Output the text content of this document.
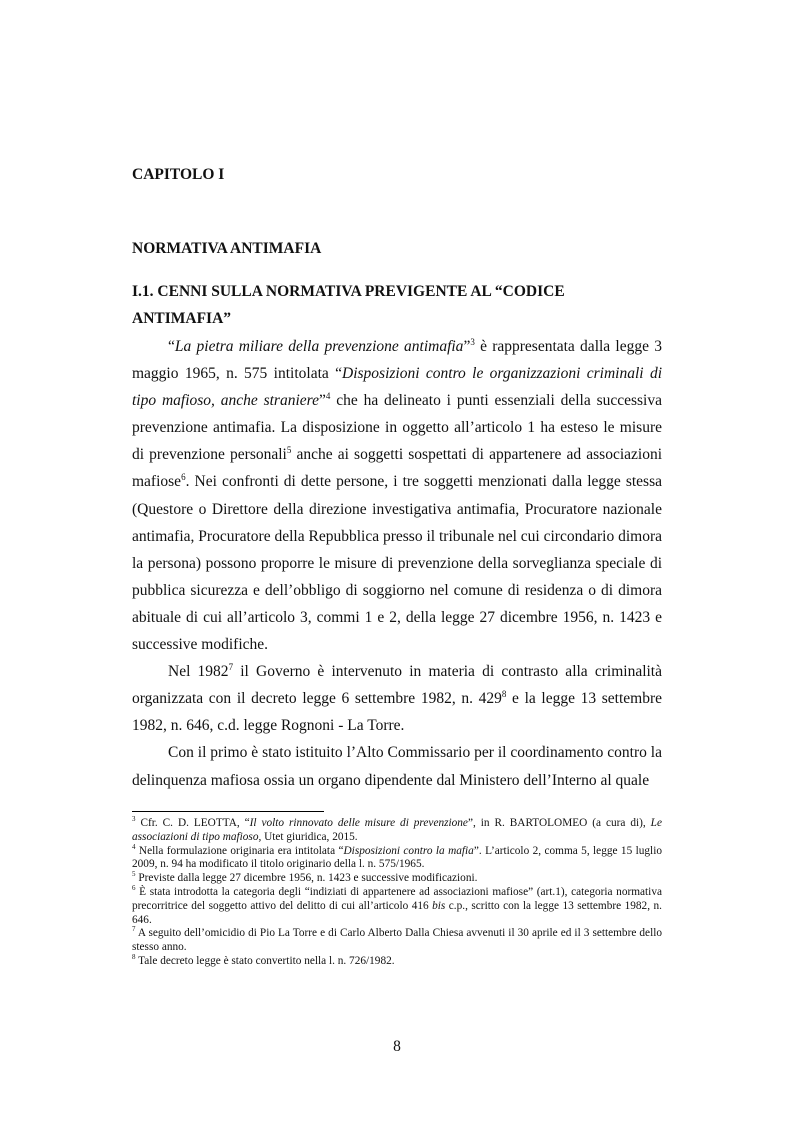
CAPITOLO I
NORMATIVA ANTIMAFIA
I.1. CENNI SULLA NORMATIVA PREVIGENTE AL “CODICE ANTIMAFIA”

“La pietra miliare della prevenzione antimafia”$^3$ è rappresentata dalla legge 3 maggio 1965, n. 575 intitolata “Disposizioni contro le organizzazioni criminali di tipo mafioso, anche straniere”$^4$ che ha delineato i punti essenziali della successiva prevenzione antimafia. La disposizione in oggetto all’articolo 1 ha esteso le misure di prevenzione personali$^5$ anche ai soggetti sospettati di appartenere ad associazioni mafiose$^6$. Nei confronti di dette persone, i tre soggetti menzionati dalla legge stessa (Questore o Direttore della direzione investigativa antimafia, Procuratore nazionale antimafia, Procuratore della Repubblica presso il tribunale nel cui circondario dimora la persona) possono proporre le misure di prevenzione della sorveglianza speciale di pubblica sicurezza e dell’obbligo di soggiorno nel comune di residenza o di dimora abituale di cui all’articolo 3, commi 1 e 2, della legge 27 dicembre 1956, n. 1423 e successive modifiche.

Nel 1982$^7$ il Governo è intervenuto in materia di contrasto alla criminalità organizzata con il decreto legge 6 settembre 1982, n. $429^8$ e la legge 13 settembre 1982, n. 646, c.d. legge Rognoni - La Torre.

Con il primo è stato istituito l’Alto Commissario per il coordinamento contro la delinquenza mafiosa ossia un organo dipendente dal Ministero dell’Interno al quale

$^3$ Cfr. C. D. LEOTTA, “Il volto rinnovato delle misure di prevenzione”, in R. BARTOLOMEO (a cura di), Le associazioni di tipo mafioso, Utet giuridica, 2015.

$^4$ Nella formulazione originaria era intitolata “Disposizioni contro la mafia”. L’articolo 2, comma 5, legge 15 luglio 2009, n. 94 ha modificato il titolo originario della l. n. 575/1965.

$^5$ Previste dalla legge 27 dicembre 1956, n. 1423 e successive modificazioni.

$^6$ È stata introdotta la categoria degli “indiziati di appartenere ad associazioni mafiose” (art.1), categoria normativa precorritrice del soggetto attivo del delitto di cui all’articolo 416 bis c.p., scritto con la legge 13 settembre 1982, n. 646.

$^7$ A seguito dell’omicidio di Pio La Torre e di Carlo Alberto Dalla Chiesa avvenuti il 30 aprile ed il 3 settembre dello stesso anno.

$^8$ Tale decreto legge è stato convertito nella l. n. 726/1982.

8
